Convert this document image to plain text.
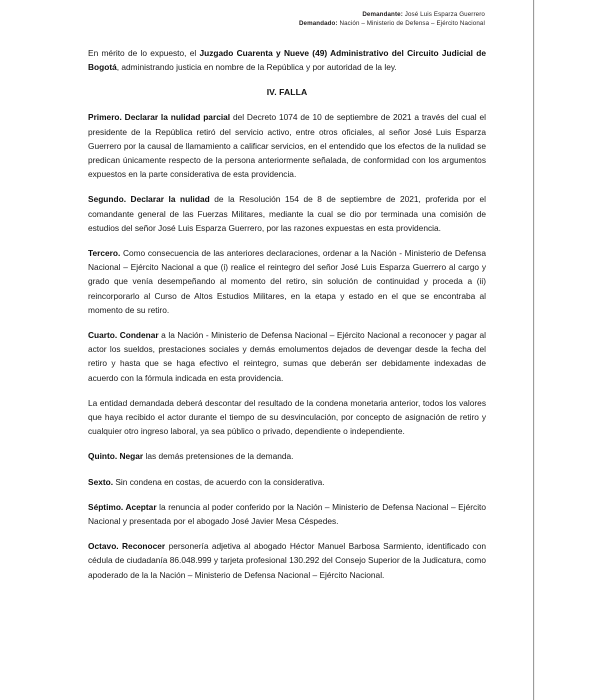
Demandante: José Luis Esparza Guerrero
Demandado: Nación – Ministerio de Defensa – Ejército Nacional

En mérito de lo expuesto, el Juzgado Cuarenta y Nueve (49) Administrativo del Circuito Judicial de Bogotá, administrando justicia en nombre de la República y por autoridad de la ley.

IV. FALLA

Primero. Declarar la nulidad parcial del Decreto 1074 de 10 de septiembre de 2021 a través del cual el presidente de la República retiró del servicio activo, entre otros oficiales, al señor José Luis Esparza Guerrero por la causal de llamamiento a calificar servicios, en el entendido que los efectos de la nulidad se predican únicamente respecto de la persona anteriormente señalada, de conformidad con los argumentos expuestos en la parte considerativa de esta providencia.

Segundo. Declarar la nulidad de la Resolución 154 de 8 de septiembre de 2021, proferida por el comandante general de las Fuerzas Militares, mediante la cual se dio por terminada una comisión de estudios del señor José Luis Esparza Guerrero, por las razones expuestas en esta providencia.

Tercero. Como consecuencia de las anteriores declaraciones, ordenar a la Nación - Ministerio de Defensa Nacional – Ejército Nacional a que (i) realice el reintegro del señor José Luis Esparza Guerrero al cargo y grado que venía desempeñando al momento del retiro, sin solución de continuidad y proceda a (ii) reincorporarlo al Curso de Altos Estudios Militares, en la etapa y estado en el que se encontraba al momento de su retiro.

Cuarto. Condenar a la Nación - Ministerio de Defensa Nacional – Ejército Nacional a reconocer y pagar al actor los sueldos, prestaciones sociales y demás emolumentos dejados de devengar desde la fecha del retiro y hasta que se haga efectivo el reintegro, sumas que deberán ser debidamente indexadas de acuerdo con la fórmula indicada en esta providencia.

La entidad demandada deberá descontar del resultado de la condena monetaria anterior, todos los valores que haya recibido el actor durante el tiempo de su desvinculación, por concepto de asignación de retiro y cualquier otro ingreso laboral, ya sea público o privado, dependiente o independiente.

Quinto. Negar las demás pretensiones de la demanda.

Sexto. Sin condena en costas, de acuerdo con la considerativa.

Séptimo. Aceptar la renuncia al poder conferido por la Nación – Ministerio de Defensa Nacional – Ejército Nacional y presentada por el abogado José Javier Mesa Céspedes.

Octavo. Reconocer personería adjetiva al abogado Héctor Manuel Barbosa Sarmiento, identificado con cédula de ciudadanía 86.048.999 y tarjeta profesional 130.292 del Consejo Superior de la Judicatura, como apoderado de la la Nación – Ministerio de Defensa Nacional – Ejército Nacional.
